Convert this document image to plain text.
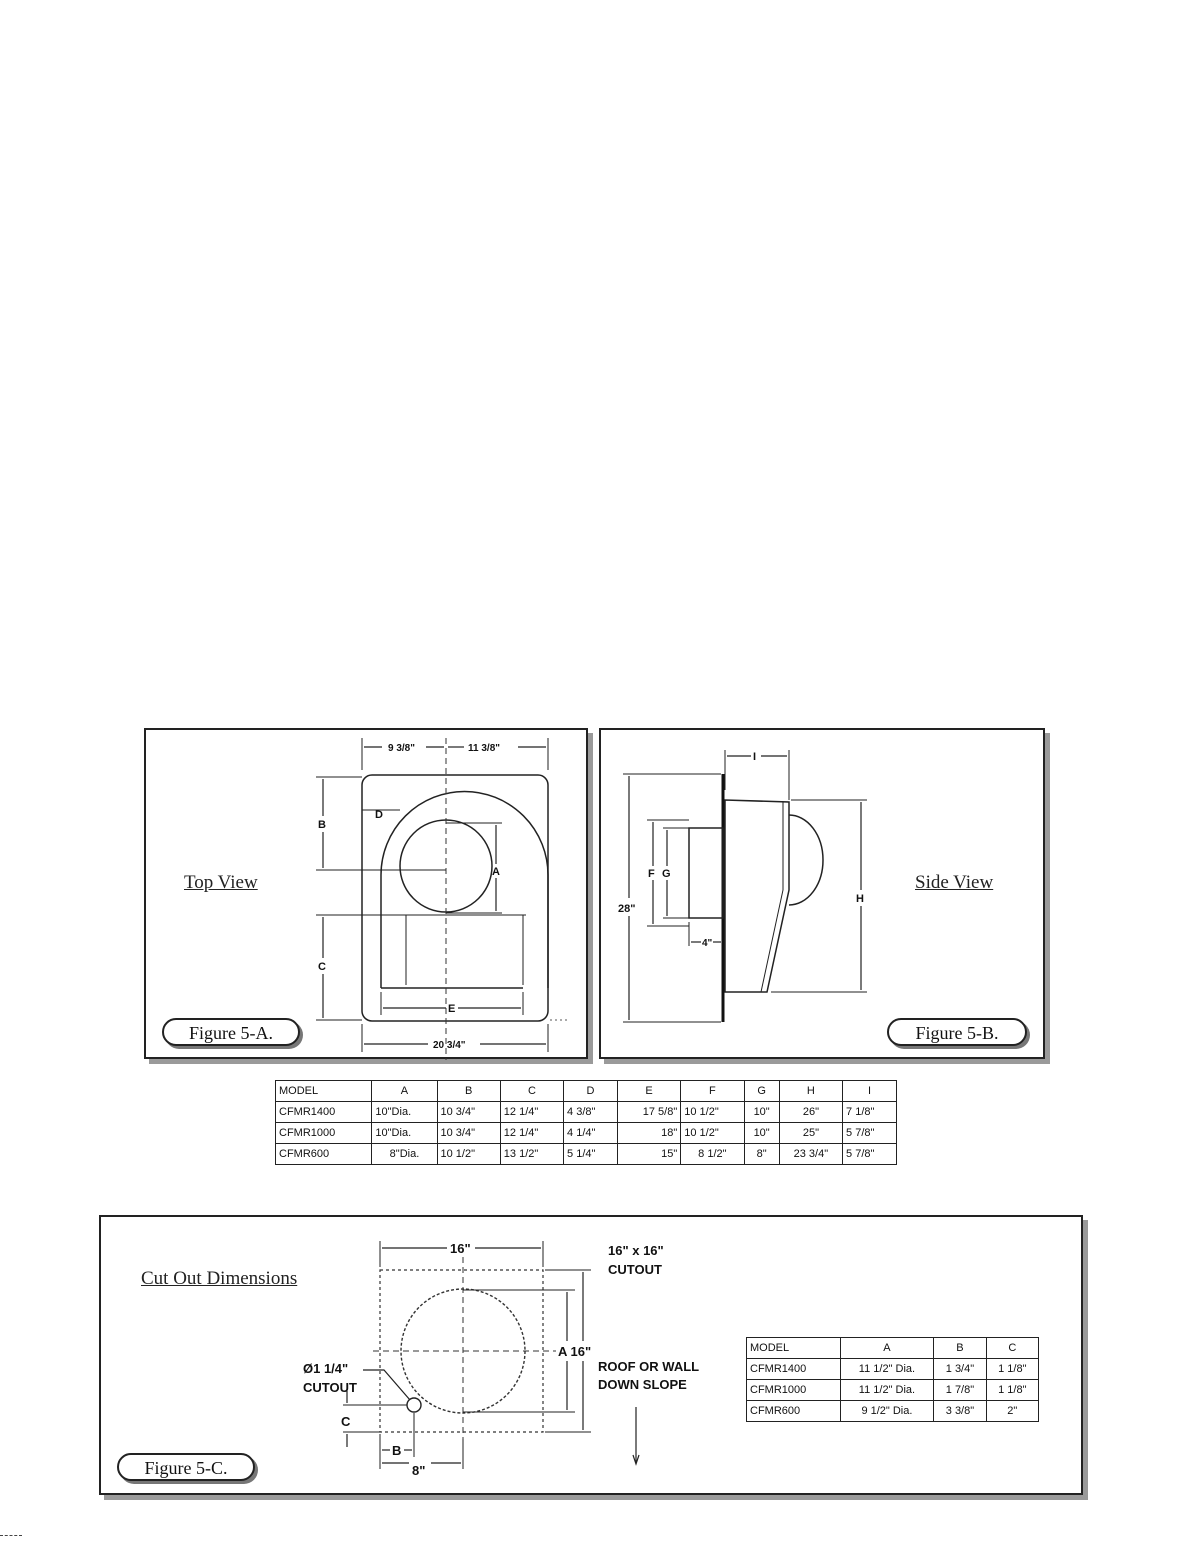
Top View
Figure 5-A.
9 3/8"	11 3/8"
B
D
A
C
E
20 3/4"
Side View
Figure 5-B.
28"
F G
4"
I
H
MODEL	A	B	C	D	E	F	G	H	I
CFMR1400	10"Dia.	10 3/4"	12 1/4"	4 3/8"	17 5/8"	10 1/2"	10"	26"	7 1/8"
CFMR1000	10"Dia.	10 3/4"	12 1/4"	4 1/4"	18"	10 1/2"	10"	25"	5 7/8"
CFMR600	8"Dia.	10 1/2"	13 1/2"	5 1/4"	15"	8 1/2"	8"	23 3/4"	5 7/8"
Cut Out Dimensions
Figure 5-C.
16"	16" x 16"
CUTOUT
A 16"
ROOF OR WALL
DOWN SLOPE
Ø1 1/4"
CUTOUT
C
B
8"
MODEL	A	B	C
CFMR1400	11 1/2" Dia.	1 3/4"	1 1/8"
CFMR1000	11 1/2" Dia.	1 7/8"	1 1/8"
CFMR600	9 1/2" Dia.	3 3/8"	2"
